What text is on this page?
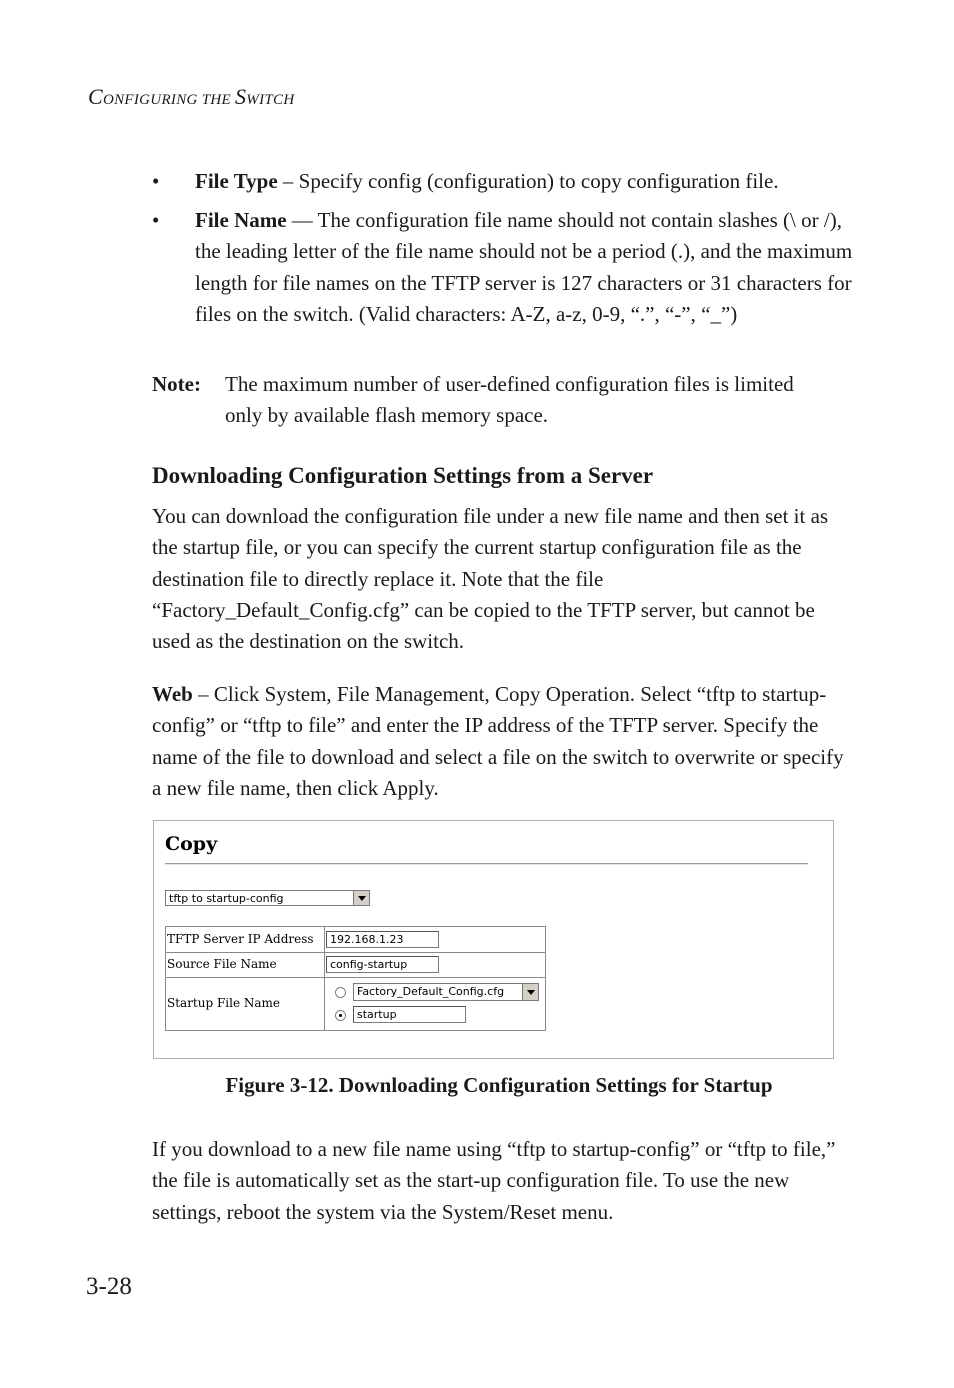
CONFIGURING THE SWITCH
• File Type – Specify config (configuration) to copy configuration file.
• File Name — The configuration file name should not contain slashes (\ or /), the leading letter of the file name should not be a period (.), and the maximum length for file names on the TFTP server is 127 characters or 31 characters for files on the switch. (Valid characters: A-Z, a-z, 0-9, “.”, “-”, “_”)
Note: The maximum number of user-defined configuration files is limited only by available flash memory space.
Downloading Configuration Settings from a Server
You can download the configuration file under a new file name and then set it as the startup file, or you can specify the current startup configuration file as the destination file to directly replace it. Note that the file “Factory_Default_Config.cfg” can be copied to the TFTP server, but cannot be used as the destination on the switch.
Web – Click System, File Management, Copy Operation. Select “tftp to startup-config” or “tftp to file” and enter the IP address of the TFTP server. Specify the name of the file to download and select a file on the switch to overwrite or specify a new file name, then click Apply.
Copy
tftp to startup-config
TFTP Server IP Address	192.168.1.23
Source File Name	config-startup
Startup File Name
Factory_Default_Config.cfg
startup
Figure 3-12. Downloading Configuration Settings for Startup
If you download to a new file name using “tftp to startup-config” or “tftp to file,” the file is automatically set as the start-up configuration file. To use the new settings, reboot the system via the System/Reset menu.
3-28
